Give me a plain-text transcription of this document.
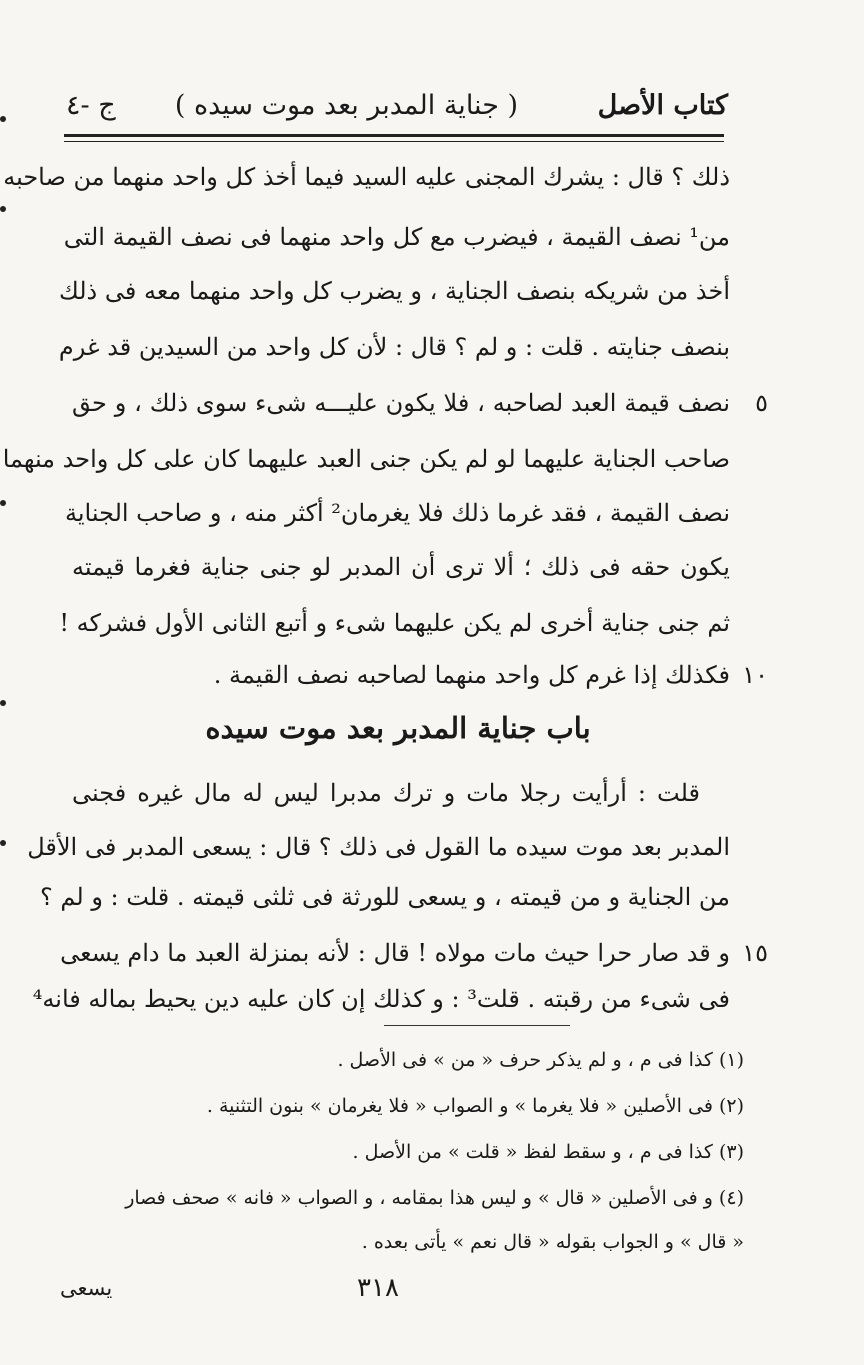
كتاب الأصل
( جناية المدبر بعد موت سيده )
ج -٤
ذلك ؟ قال : يشرك المجنى عليه السيد فيما أخذ كل واحد منهما من صاحبه
من¹ نصف القيمة ، فيضرب مع كل واحد منهما فى نصف القيمة التى
أخذ من شريكه بنصف الجناية ، و يضرب كل واحد منهما معه فى ذلك
بنصف جنايته . قلت : و لم ؟ قال : لأن كل واحد من السيدين قد غرم
نصف قيمة العبد لصاحبه ، فلا يكون عليـــه شىء سوى ذلك ، و حق	٥
صاحب الجناية عليهما لو لم يكن جنى العبد عليهما كان على كل واحد منهما
نصف القيمة ، فقد غرما ذلك فلا يغرمان² أكثر منه ، و صاحب الجناية
يكون حقه فى ذلك ؛ ألا ترى أن المدبر لو جنى جناية فغرما قيمته
ثم جنى جناية أخرى لم يكن عليهما شىء و أتبع الثانى الأول فشركه !
فكذلك إذا غرم كل واحد منهما لصاحبه نصف القيمة . ١٠
باب جناية المدبر بعد موت سيده
قلت : أرأيت رجلا مات و ترك مدبرا ليس له مال غيره فجنى
المدبر بعد موت سيده ما القول فى ذلك ؟ قال : يسعى المدبر فى الأقل
من الجناية و من قيمته ، و يسعى للورثة فى ثلثى قيمته . قلت : و لم ؟
و قد صار حرا حيث مات مولاه ! قال : لأنه بمنزلة العبد ما دام يسعى ١٥
فى شىء من رقبته . قلت³ : و كذلك إن كان عليه دين يحيط بماله فانه⁴
(١) كذا فى م ، و لم يذكر حرف « من » فى الأصل .
(٢) فى الأصلين « فلا يغرما » و الصواب « فلا يغرمان » بنون التثنية .
(٣) كذا فى م ، و سقط لفظ « قلت » من الأصل .
(٤) و فى الأصلين « قال » و ليس هذا بمقامه ، و الصواب « فانه » صحف فصار
« قال » و الجواب بقوله « قال نعم » يأتى بعده .
٣١٨
يسعى
